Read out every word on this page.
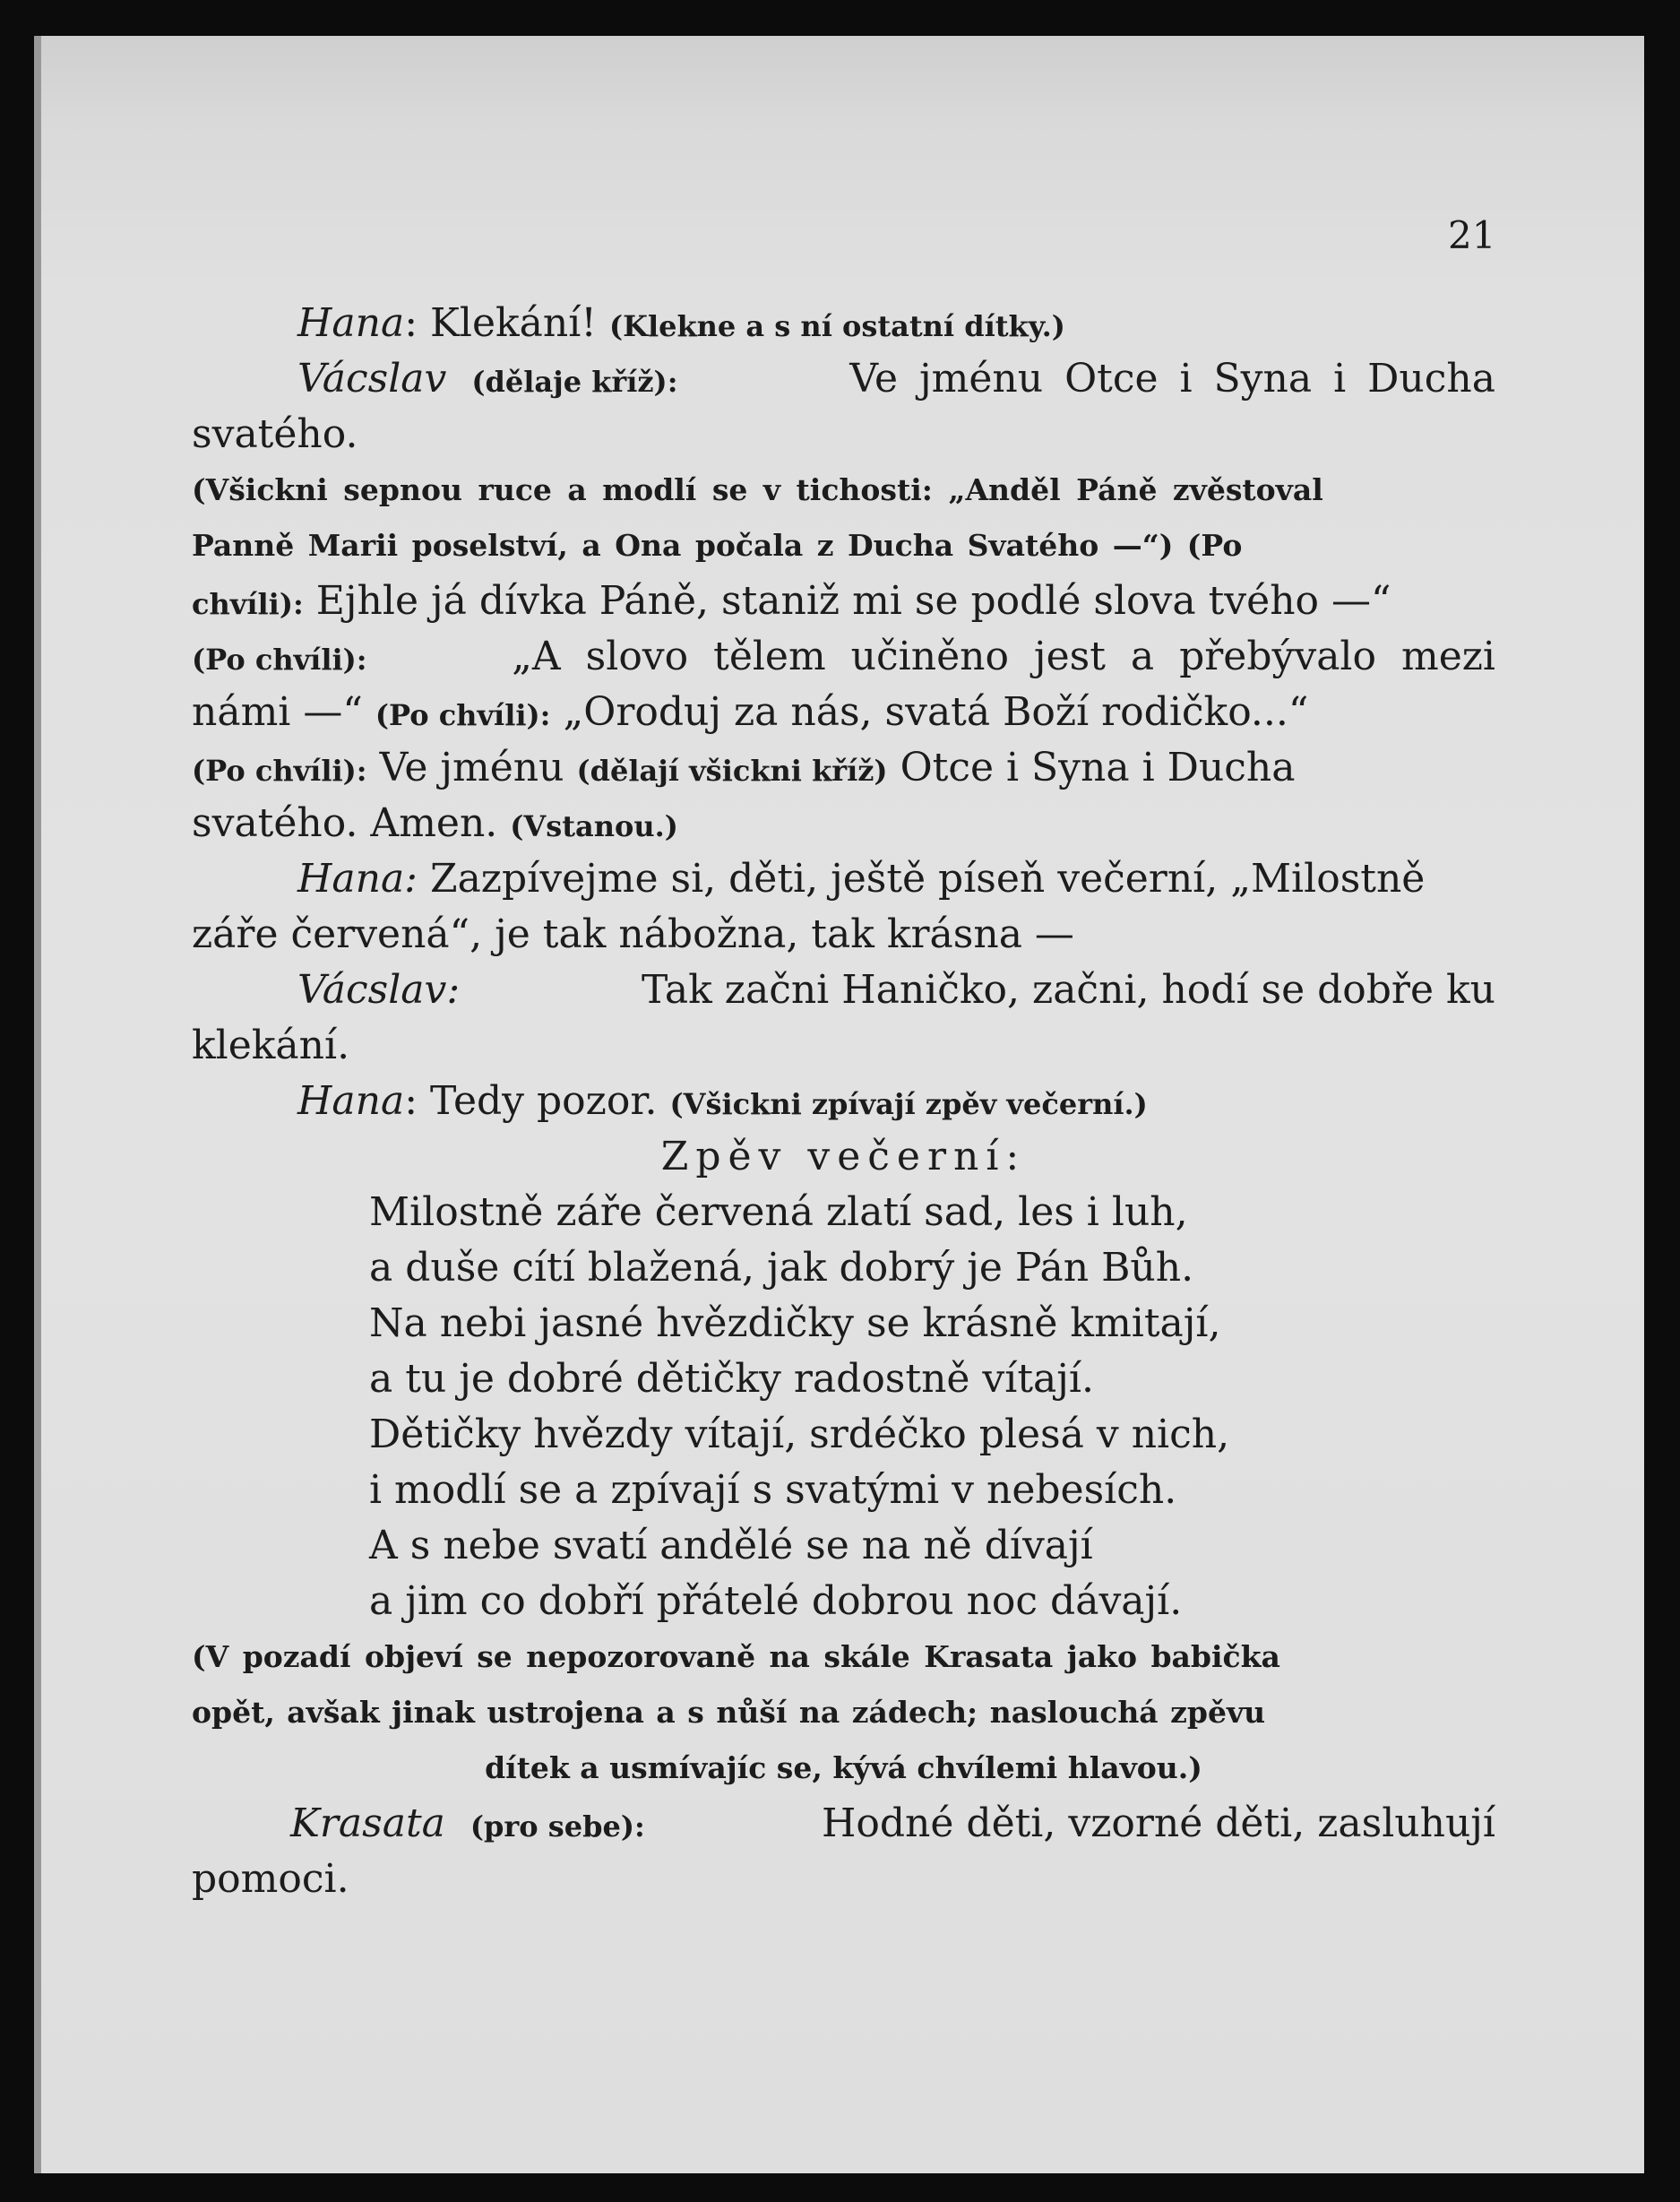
21
Hana :
Klekání!
(Klekne a s ní ostatní dítky.)
Vácslav (dělaje kříž):	Ve jménu Otce i Syna i Ducha
svatého.
(Všickni sepnou ruce a modlí se v tichosti: „Anděl Páně zvěstoval
Panně Marii poselství, a Ona počala z Ducha Svatého —“) (Po
chvíli):
Ejhle já dívka Páně, staniž mi se podlé slova tvého —“
(Po chvíli):	„A slovo tělem učiněno jest a přebývalo mezi
námi —“
(Po chvíli):
„Oroduj za nás, svatá Boží rodičko...“
(Po chvíli):
Ve jménu
(dělají všickni kříž)
Otce i Syna i Ducha
svatého. Amen.
(Vstanou.)
Hana:
Zazpívejme si, děti, ještě píseň večerní, „Milostně
záře červená“, je tak nábožna, tak krásna —
Vácslav:	Tak začni Haničko, začni, hodí se dobře ku
klekání.
Hana :
Tedy pozor.
(Všickni zpívají zpěv večerní.)
Zpěv večerní:
Milostně záře červená zlatí sad, les i luh,
a duše cítí blažená, jak dobrý je Pán Bůh.
Na nebi jasné hvězdičky se krásně kmitají,
a tu je dobré dětičky radostně vítají.
Dětičky hvězdy vítají, srdéčko plesá v nich,
i modlí se a zpívají s svatými v nebesích.
A s nebe svatí andělé se na ně dívají
a jim co dobří přátelé dobrou noc dávají.
(V pozadí objeví se nepozorovaně na skále Krasata jako babička
opět, avšak jinak ustrojena a s nůší na zádech; naslouchá zpěvu
dítek a usmívajíc se, kývá chvílemi hlavou.)
Krasata (pro sebe):	Hodné děti, vzorné děti, zasluhují
pomoci.
